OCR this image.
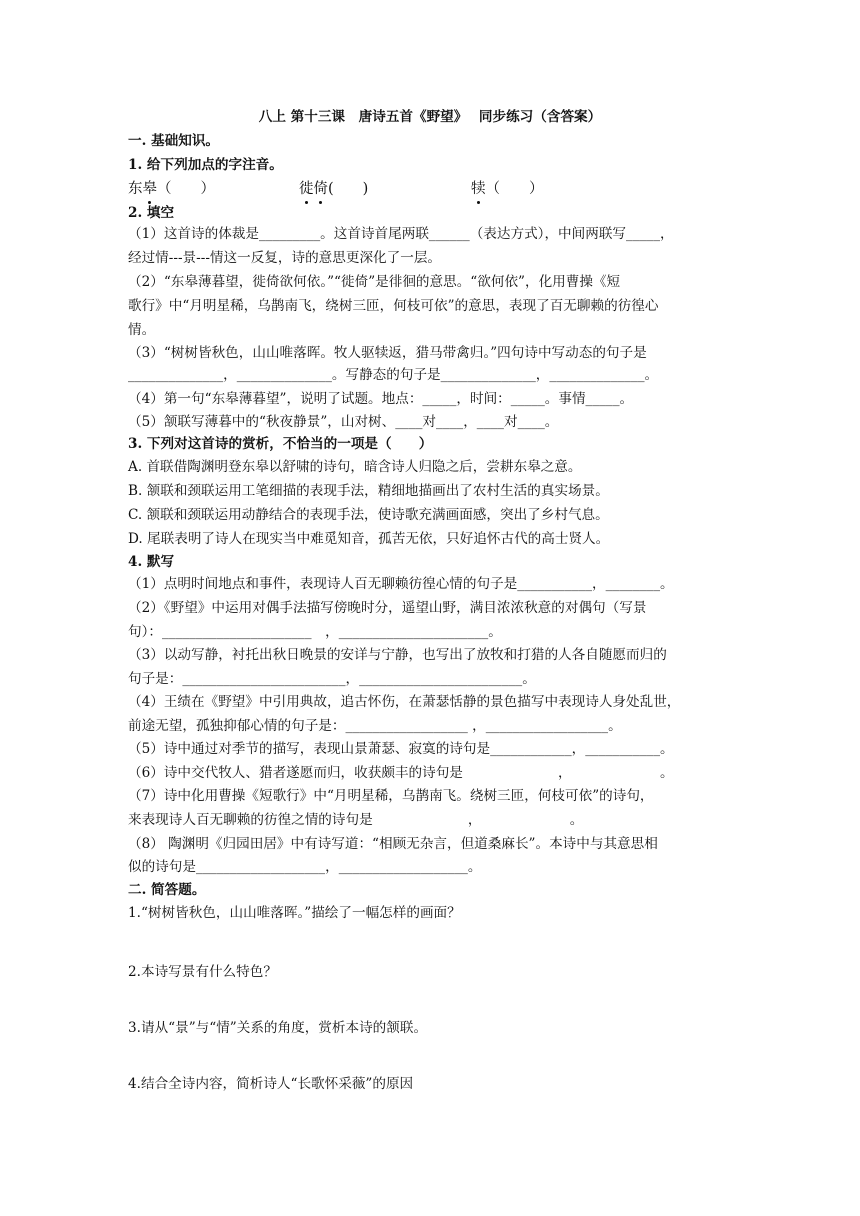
八上 第十三课　唐诗五首《野望》　 同步练习（含答案）
一. 基础知识。
1. 给下列加点的字注音。
东皋（　　）	徙倚(　　)	犊（　　）
2. 填空
（1）这首诗的体裁是_________。这首诗首尾两联______（表达方式），中间两联写_____，
经过情---景---情这一反复，诗的意思更深化了一层。
（2）“东皋薄暮望，徙倚欲何依。”“徙倚”是徘徊的意思。“欲何依”，化用曹操《短
歌行》中“月明星稀，乌鹊南飞，绕树三匝，何枝可依”的意思，表现了百无聊赖的彷徨心
情。
（3）“树树皆秋色，山山唯落晖。牧人驱犊返，猎马带禽归。”四句诗中写动态的句子是
______________，______________。写静态的句子是______________，______________。
（4）第一句“东皋薄暮望”，说明了试题。地点：_____，时间：_____。事情_____。
（5）颔联写薄暮中的“秋夜静景”，山对树、____对____，____对____。
3. 下列对这首诗的赏析，不恰当的一项是（　　）
A. 首联借陶渊明登东皋以舒啸的诗句，暗含诗人归隐之后，尝耕东皋之意。
B. 颔联和颈联运用工笔细描的表现手法，精细地描画出了农村生活的真实场景。
C. 颔联和颈联运用动静结合的表现手法，使诗歌充满画面感，突出了乡村气息。
D. 尾联表明了诗人在现实当中难觅知音，孤苦无依，只好追怀古代的高士贤人。
4. 默写
（1）点明时间地点和事件，表现诗人百无聊赖彷徨心情的句子是___________，________。
（2）《野望》中运用对偶手法描写傍晚时分，遥望山野，满目浓浓秋意的对偶句（写景
句）：______________________　，______________________。
（3）以动写静，衬托出秋日晚景的安详与宁静，也写出了放牧和打猎的人各自随愿而归的
句子是：________________________，________________________。
（4）王绩在《野望》中引用典故，追古怀伤，在萧瑟恬静的景色描写中表现诗人身处乱世，
前途无望，孤独抑郁心情的句子是：__________________ ，__________________。
（5）诗中通过对季节的描写，表现山景萧瑟、寂寞的诗句是____________，___________。
（6）诗中交代牧人、猎者遂愿而归，收获颇丰的诗句是　　　　　　　，　　　　　　　。
（7）诗中化用曹操《短歌行》中“月明星稀，乌鹊南飞。绕树三匝，何枝可依”的诗句，
来表现诗人百无聊赖的彷徨之情的诗句是　　　　　　　，　　　　　　　。
（8） 陶渊明《归园田居》中有诗写道：“相顾无杂言，但道桑麻长”。本诗中与其意思相
似的诗句是___________________，___________________。
二. 简答题。
1.“树树皆秋色，山山唯落晖。”描绘了一幅怎样的画面？
2.本诗写景有什么特色？
3.请从“景”与“情”关系的角度，赏析本诗的颔联。
4.结合全诗内容，简析诗人“长歌怀采薇”的原因
